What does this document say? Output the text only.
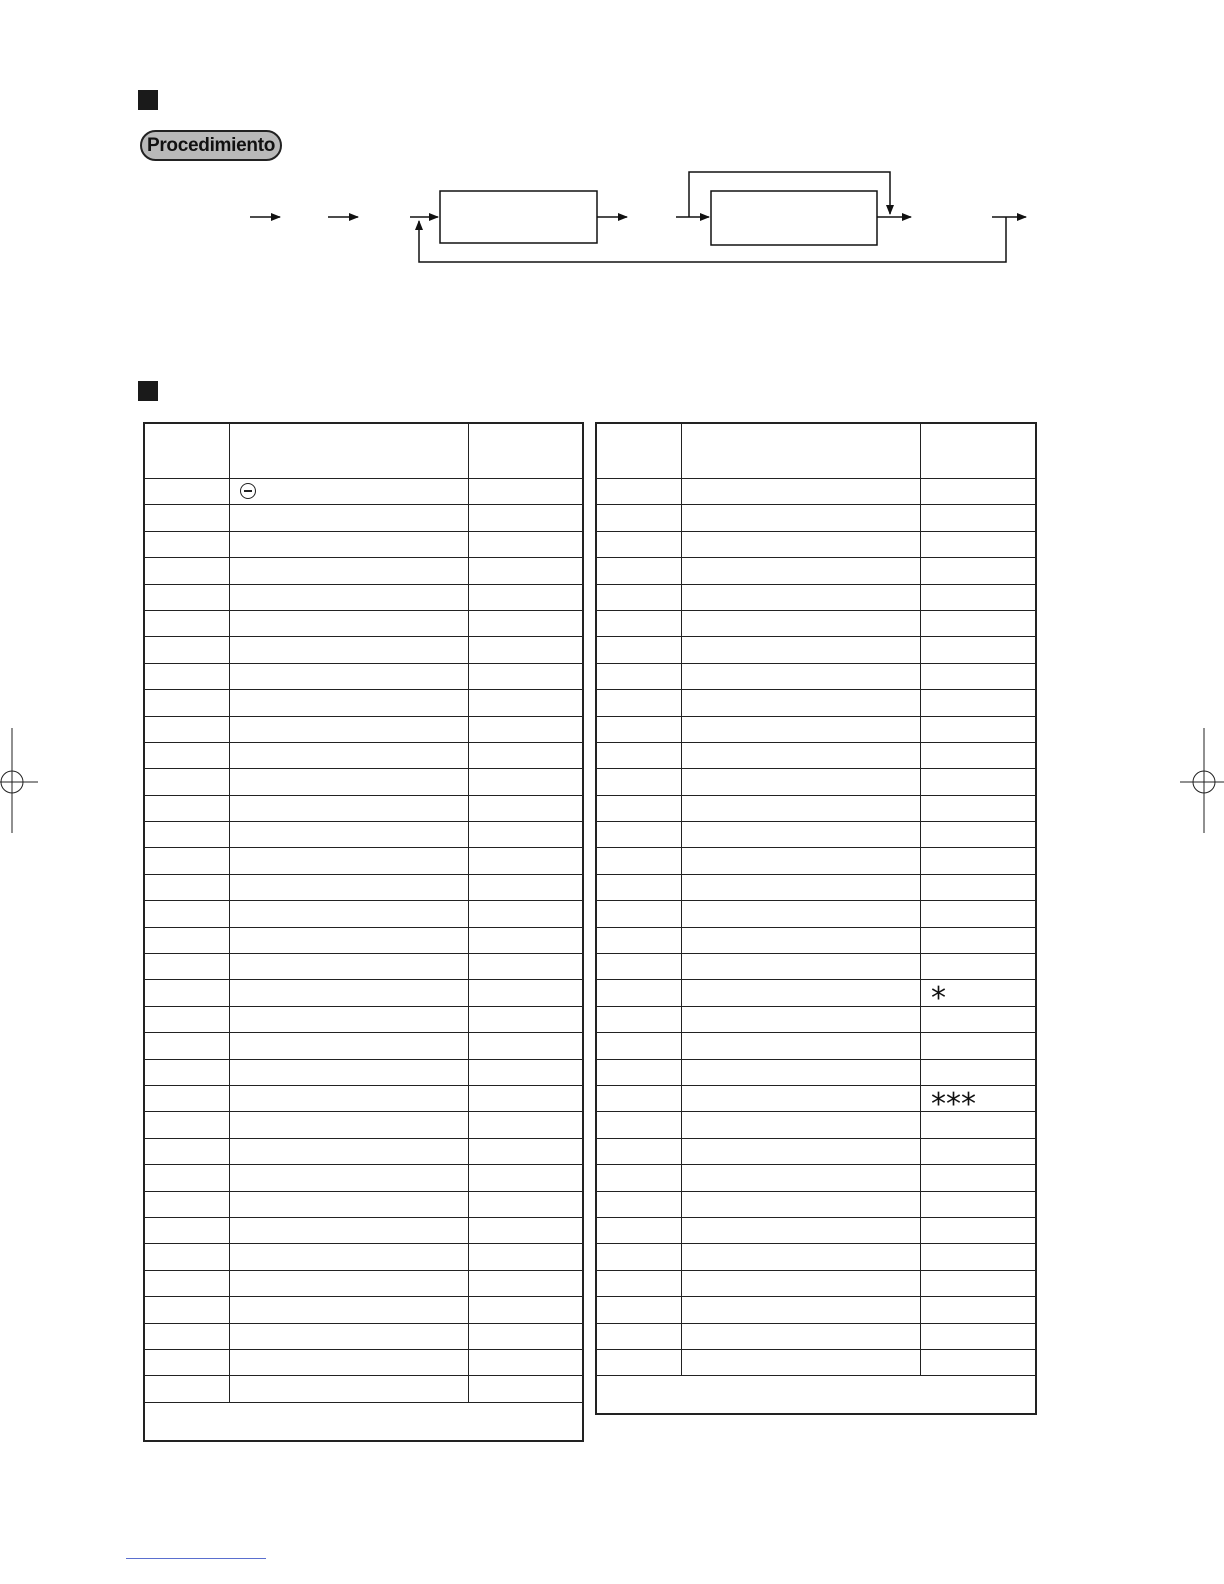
Procedimiento

		*

		***
